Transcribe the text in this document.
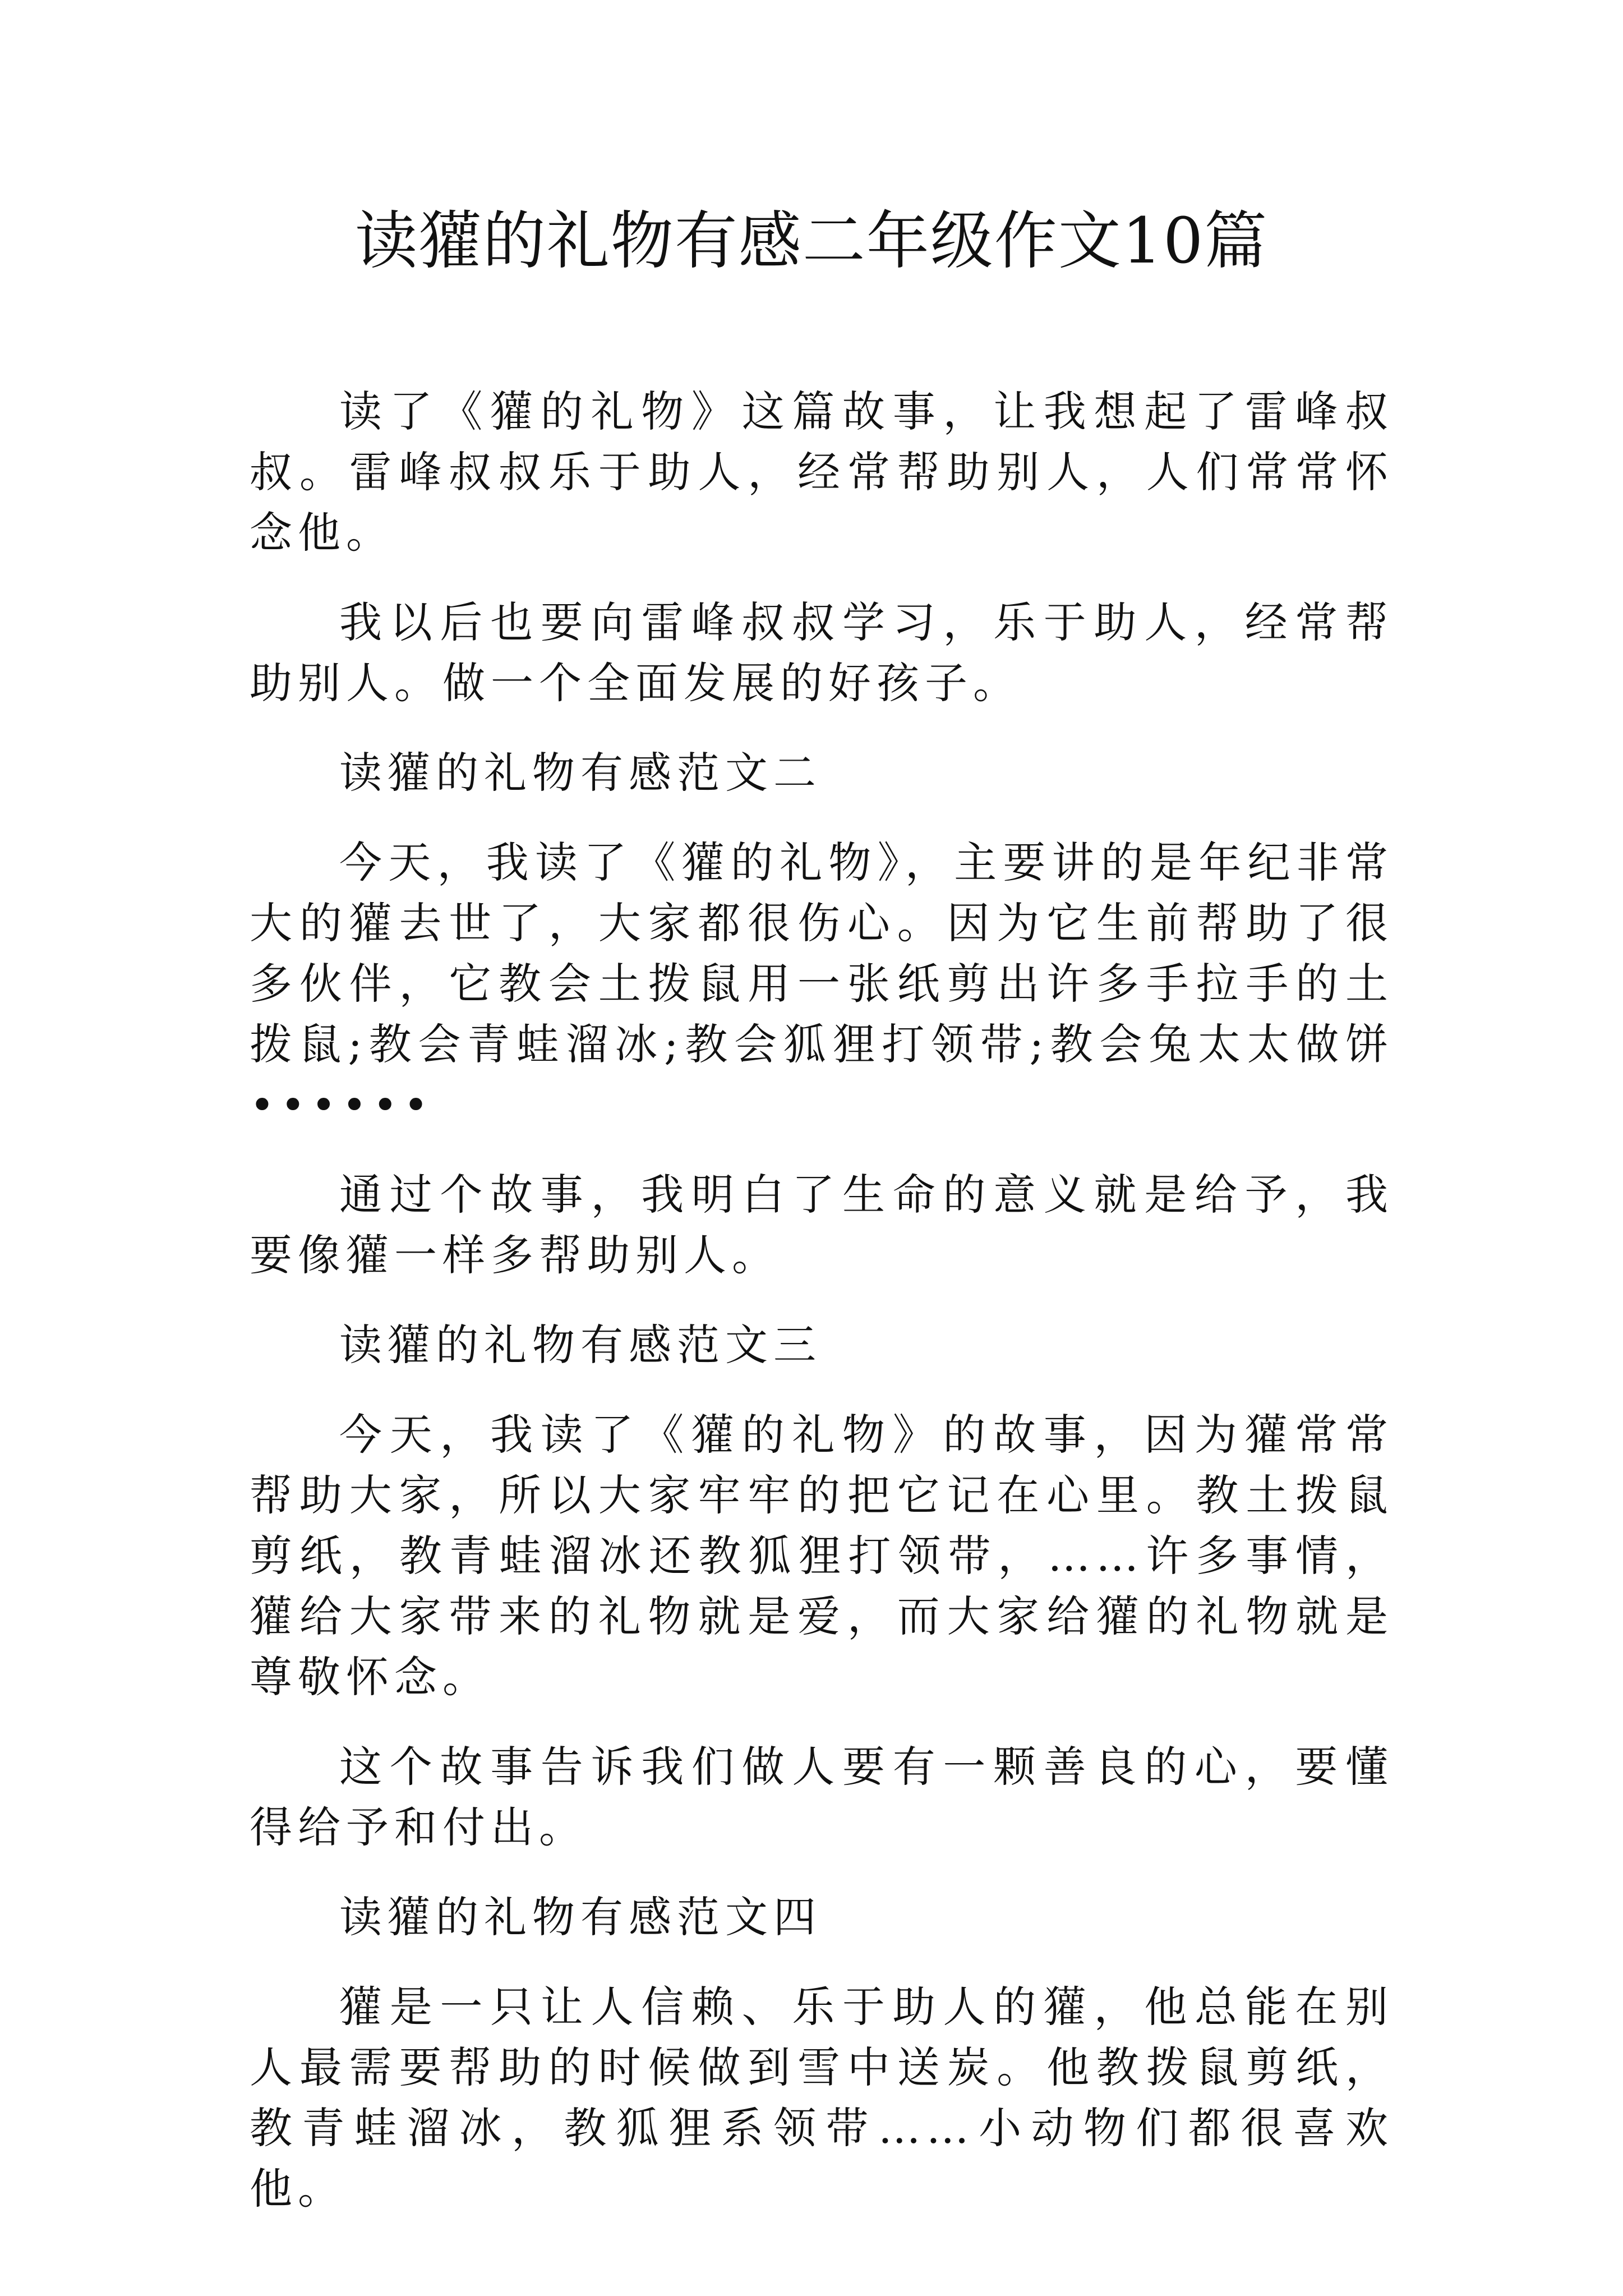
读獾的礼物有感二年级作文10篇

读了《獾的礼物》这篇故事，让我想起了雷峰叔叔。雷峰叔叔乐于助人，经常帮助别人，人们常常怀念他。

我以后也要向雷峰叔叔学习，乐于助人，经常帮助别人。做一个全面发展的好孩子。

读獾的礼物有感范文二

今天，我读了《獾的礼物》，主要讲的是年纪非常大的獾去世了，大家都很伤心。因为它生前帮助了很多伙伴，它教会土拨鼠用一张纸剪出许多手拉手的土拨鼠;教会青蛙溜冰;教会狐狸打领带;教会兔太太做饼••••••

通过个故事，我明白了生命的意义就是给予，我要像獾一样多帮助别人。

读獾的礼物有感范文三

今天，我读了《獾的礼物》的故事，因为獾常常帮助大家，所以大家牢牢的把它记在心里。教土拨鼠剪纸，教青蛙溜冰还教狐狸打领带，……许多事情，獾给大家带来的礼物就是爱，而大家给獾的礼物就是尊敬怀念。

这个故事告诉我们做人要有一颗善良的心，要懂得给予和付出。

读獾的礼物有感范文四

獾是一只让人信赖、乐于助人的獾，他总能在别人最需要帮助的时候做到雪中送炭。他教拨鼠剪纸，教青蛙溜冰，教狐狸系领带……小动物们都很喜欢他。
